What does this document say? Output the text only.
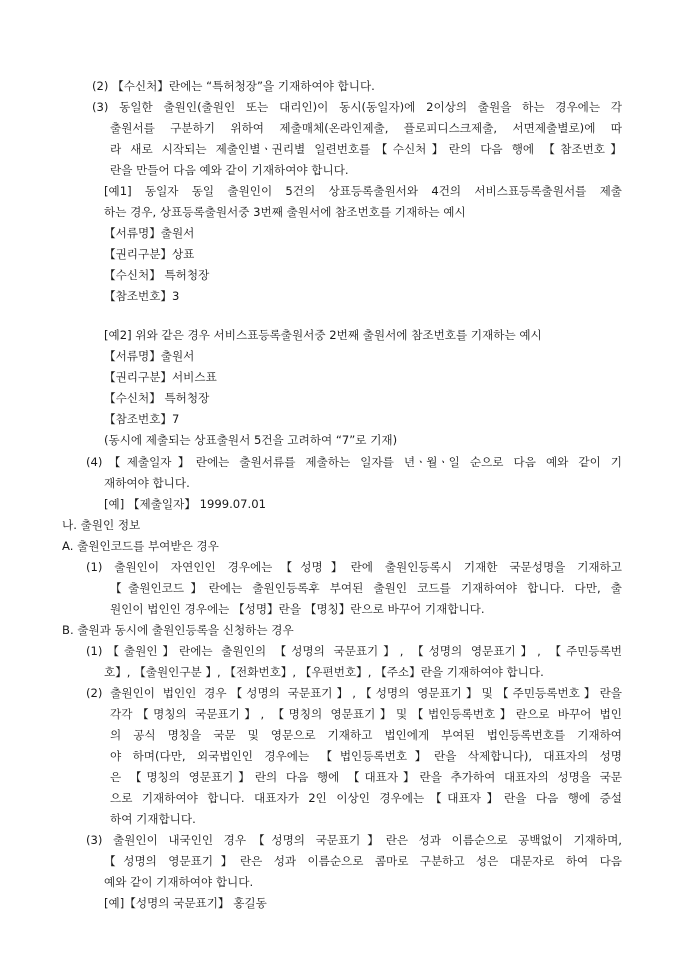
(2) 【수신처】란에는 “특허청장”을 기재하여야 합니다.
(3) 동일한 출원인(출원인 또는 대리인)이 동시(동일자)에 2이상의 출원을 하는 경우에는 각
출원서를 구분하기 위하여 제출매체(온라인제출, 플로피디스크제출, 서면제출별로)에 따
라 새로 시작되는 제출인별ㆍ권리별 일련번호를【수신처】란의 다음 행에 【참조번호】
란을 만들어 다음 예와 같이 기재하여야 합니다.
[예1] 동일자 동일 출원인이 5건의 상표등록출원서와 4건의 서비스표등록출원서를 제출
하는 경우, 상표등록출원서중 3번째 출원서에 참조번호를 기재하는 예시
【서류명】출원서
【권리구분】상표
【수신처】 특허청장
【참조번호】3
[예2] 위와 같은 경우 서비스표등록출원서중 2번째 출원서에 참조번호를 기재하는 예시
【서류명】출원서
【권리구분】서비스표
【수신처】 특허청장
【참조번호】7
(동시에 제출되는 상표출원서 5건을 고려하여 “7”로 기재)
(4)【제출일자】란에는 출원서류를 제출하는 일자를 년ㆍ월ㆍ일 순으로 다음 예와 같이 기
재하여야 합니다.
[예] 【제출일자】 1999.07.01
나. 출원인 정보
A. 출원인코드를 부여받은 경우
(1) 출원인이 자연인인 경우에는【성명】란에 출원인등록시 기재한 국문성명을 기재하고
【출원인코드】란에는 출원인등록후 부여된 출원인 코드를 기재하여야 합니다. 다만, 출
원인이 법인인 경우에는 【성명】란을 【명칭】란으로 바꾸어 기재합니다.
B. 출원과 동시에 출원인등록을 신청하는 경우
(1)【출원인】란에는 출원인의 【성명의 국문표기】, 【성명의 영문표기】, 【주민등록번
호】, 【출원인구분 】, 【전화번호】, 【우편번호】, 【주소】란을 기재하여야 합니다.
(2) 출원인이 법인인 경우【성명의 국문표기】,【성명의 영문표기】및【주민등록번호】란을
각각【명칭의 국문표기】, 【명칭의 영문표기】및【법인등록번호】란으로 바꾸어 법인
의 공식 명칭을 국문 및 영문으로 기재하고 법인에게 부여된 법인등록번호를 기재하여
야 하며(다만, 외국법인인 경우에는 【법인등록번호】란을 삭제합니다), 대표자의 성명
은 【명칭의 영문표기】란의 다음 행에 【대표자】란을 추가하여 대표자의 성명을 국문
으로 기재하여야 합니다. 대표자가 2인 이상인 경우에는【대표자】란을 다음 행에 증설
하여 기재합니다.
(3) 출원인이 내국인인 경우【성명의 국문표기】란은 성과 이름순으로 공백없이 기재하며,
【성명의 영문표기】란은 성과 이름순으로 콤마로 구분하고 성은 대문자로 하여 다음
예와 같이 기재하여야 합니다.
[예]【성명의 국문표기】 홍길동
